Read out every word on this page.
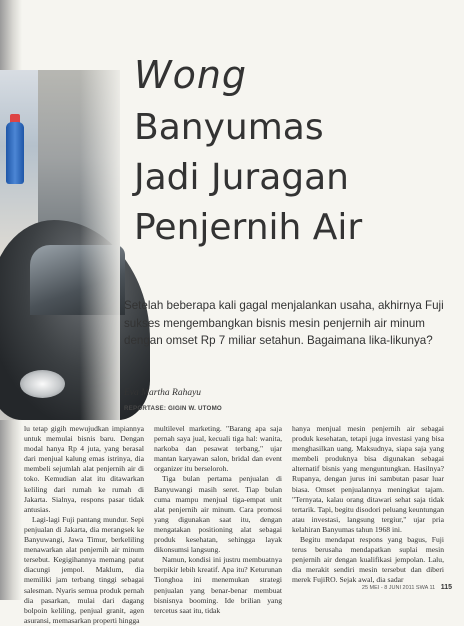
Wong
Banyumas
Jadi Juragan
Penjernih Air
Setelah beberapa kali gagal menjalankan usaha, akhirnya Fuji sukses mengembangkan bisnis mesin penjernih air minum dengan omset Rp 7 miliar setahun. Bagaimana lika-likunya?
Eva Martha Rahayu
REPORTASE: GIGIN W. UTOMO

lu tetap gigih mewujudkan impiannya untuk memulai bisnis baru. Dengan modal hanya Rp 4 juta, yang berasal dari menjual kalung emas istrinya, dia membeli sejumlah alat penjernih air di toko. Kemudian alat itu ditawarkan keliling dari rumah ke rumah di Jakarta. Sialnya, respons pasar tidak antusias.

Lagi-lagi Fuji pantang mundur. Sepi penjualan di Jakarta, dia merangsek ke Banyuwangi, Jawa Timur, berkeliling menawarkan alat penjernih air minum tersebut. Kegigihannya memang patut diacungi jempol. Maklum, dia memiliki jam terbang tinggi sebagai salesman. Nyaris semua produk pernah dia pasarkan, mulai dari dagang bolpoin keliling, penjual granit, agen asuransi, memasarkan properti hingga

multilevel marketing. "Barang apa saja pernah saya jual, kecuali tiga hal: wanita, narkoba dan pesawat terbang," ujar mantan karyawan salon, bridal dan event organizer itu berseloroh.

Tiga bulan pertama penjualan di Banyuwangi masih seret. Tiap bulan cuma mampu menjual tiga-empat unit alat penjernih air minum. Cara promosi yang digunakan saat itu, dengan mengatakan positioning alat sebagai produk kesehatan, sehingga layak dikonsumsi langsung.

Namun, kondisi ini justru membuatnya berpikir lebih kreatif. Apa itu? Keturunan Tionghoa ini menemukan strategi penjualan yang benar-benar membuat bisnisnya booming. Ide brilian yang tercetus saat itu, tidak

hanya menjual mesin penjernih air sebagai produk kesehatan, tetapi juga investasi yang bisa menghasilkan uang. Maksudnya, siapa saja yang membeli produknya bisa digunakan sebagai alternatif bisnis yang menguntungkan. Hasilnya? Rupanya, dengan jurus ini sambutan pasar luar biasa. Omset penjualannya meningkat tajam. "Ternyata, kalau orang ditawari sehat saja tidak tertarik. Tapi, begitu disodori peluang keuntungan atau investasi, langsung tergiur," ujar pria kelahiran Banyumas tahun 1968 ini.

Begitu mendapat respons yang bagus, Fuji terus berusaha mendapatkan suplai mesin penjernih air dengan kualifikasi jempolan. Lalu, dia merakit sendiri mesin tersebut dan diberi merek FujiRO. Sejak awal, dia sadar

25 MEI - 8 JUNI 2011 SWA 11 115
